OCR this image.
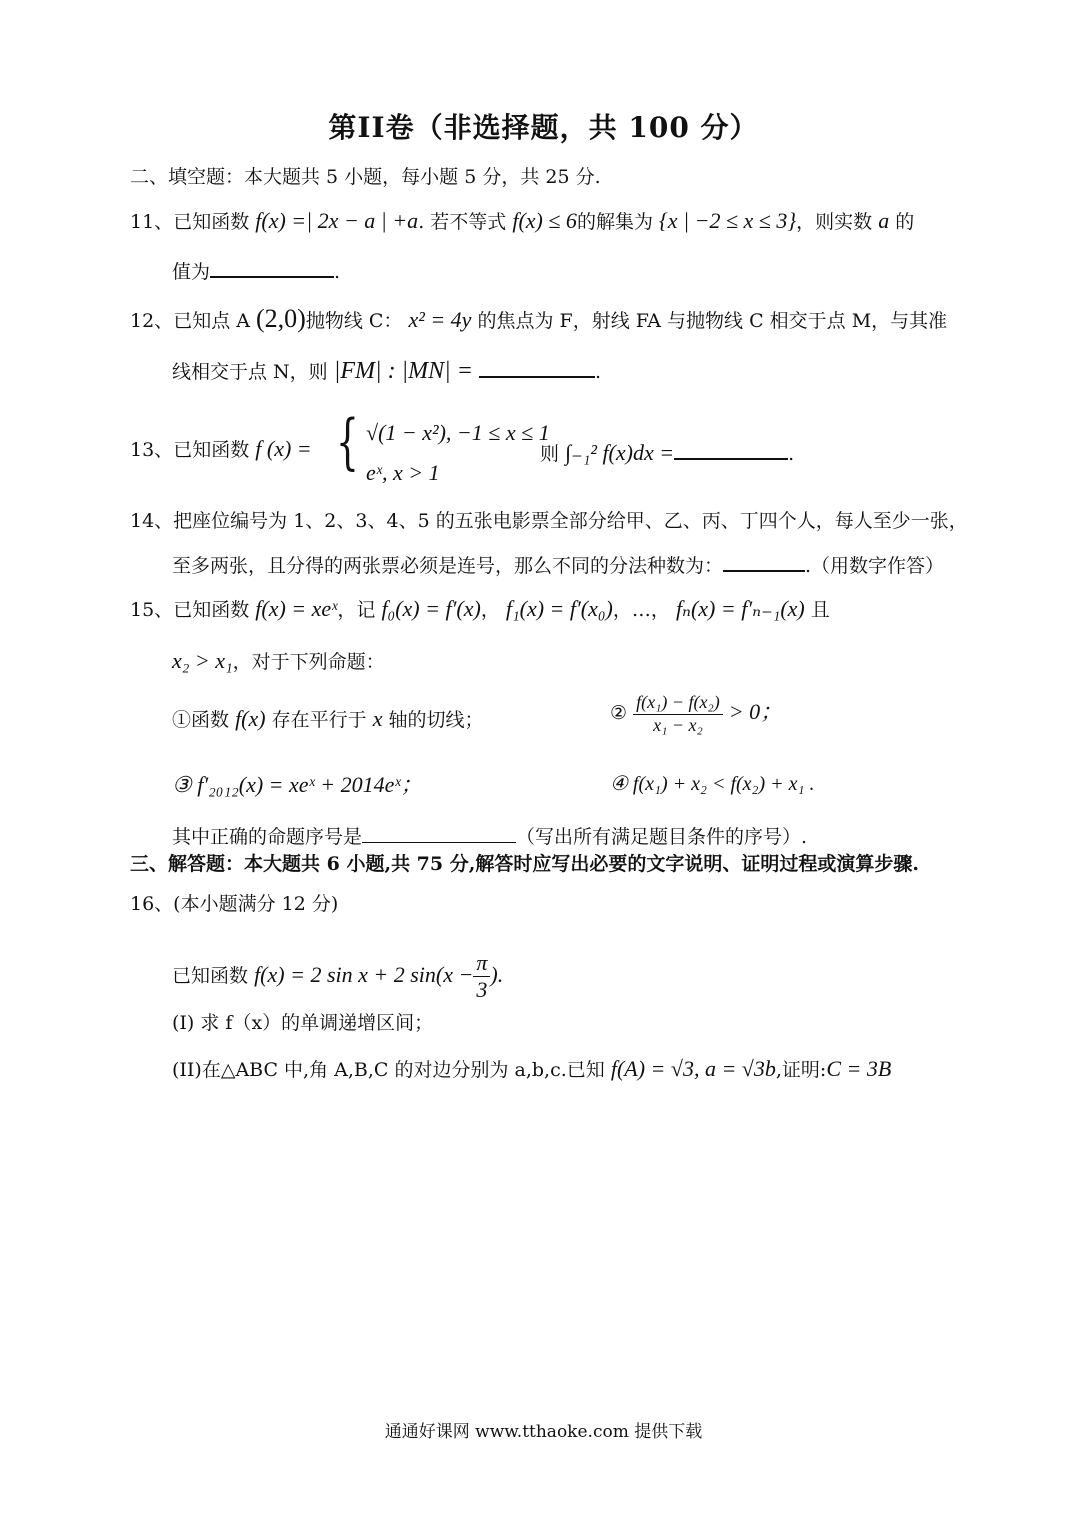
第II卷（非选择题，共 100 分）
二、填空题：本大题共 5 小题，每小题 5 分，共 25 分.
11、已知函数 f(x) =| 2x − a | +a. 若不等式 f(x) ≤ 6的解集为 {x | −2 ≤ x ≤ 3}，则实数 a 的
值为	.
12、已知点 A (2,0)抛物线 C： x² = 4y 的焦点为 F，射线 FA 与抛物线 C 相交于点 M，与其准
线相交于点 N，则 |FM| : |MN| =	.
13、已知函数 f (x) = { √(1 − x²), −1 ≤ x ≤ 1
eˣ, x > 1
则 ∫₋₁² f(x)dx =	.
14、把座位编号为 1、2、3、4、5 的五张电影票全部分给甲、乙、丙、丁四个人，每人至少一张，
至多两张，且分得的两张票必须是连号，那么不同的分法种数为：	.（用数字作答）
15、已知函数 f(x) = xeˣ，记 f₀(x) = f′(x)， f₁(x) = f′(x₀)，…， fₙ(x) = f′ₙ₋₁(x) 且
x₂ > x₁，对于下列命题：
①函数 f(x) 存在平行于 x 轴的切线；	② $\frac{\text{f(x₁) − f(x₂)}}{\text{x₁ − x₂}} > 0$；
③ f′₂₀₁₂(x) = xeˣ + 2014eˣ；	④ f(x₁) + x₂ < f(x₂) + x₁ .
其中正确的命题序号是	（写出所有满足题目条件的序号）.
三、解答题：本大题共 6 小题,共 75 分,解答时应写出必要的文字说明、证明过程或演算步骤.
16、(本小题满分 12 分)
已知函数 f(x) = 2 sin x + 2 $\sin(x - \frac{\pi}{3}$ ).
(Ⅰ) 求 f（x）的单调递增区间；
(II)在△ABC 中,角 A,B,C 的对边分别为 a,b,c.已知 f(A) = √3, a = √3b,证明:C = 3B
通通好课网 www.tthaoke.com 提供下载
